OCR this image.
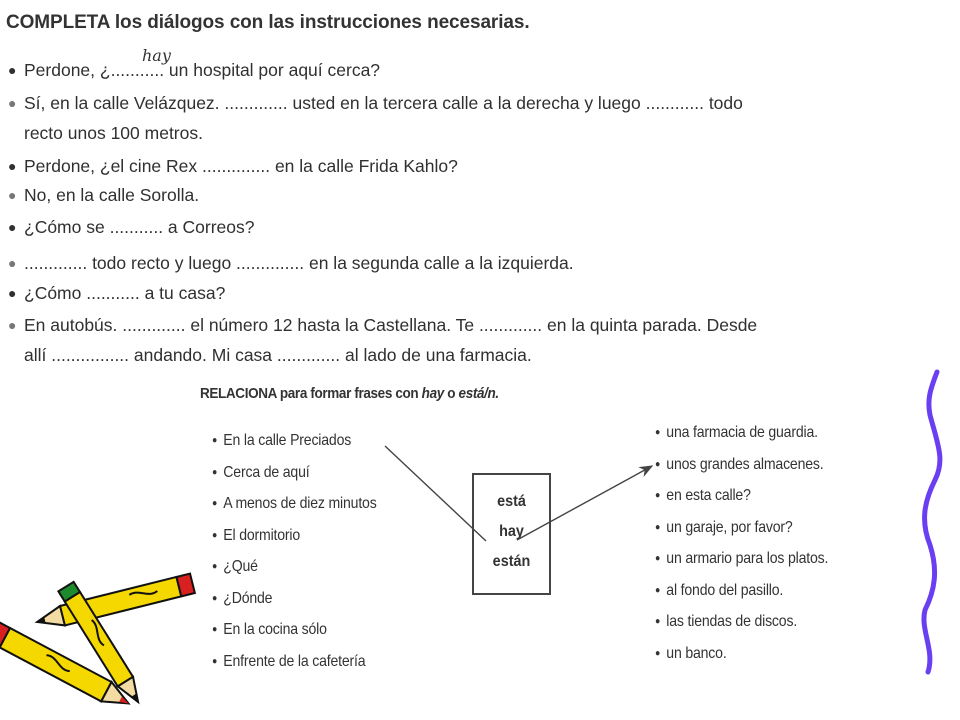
COMPLETA los diálogos con las instrucciones necesarias.
●
hay
Perdone, ¿........... un hospital por aquí cerca?
● Sí, en la calle Velázquez. ............. usted en la tercera calle a la derecha y luego ............ todo
recto unos 100 metros.
● Perdone, ¿el cine Rex .............. en la calle Frida Kahlo?
● No, en la calle Sorolla.
● ¿Cómo se ........... a Correos?
● ............. todo recto y luego .............. en la segunda calle a la izquierda.
● ¿Cómo ........... a tu casa?
● En autobús. ............. el número 12 hasta la Castellana. Te ............. en la quinta parada. Desde
allí ................ andando. Mi casa ............. al lado de una farmacia.
RELACIONA para formar frases con hay o está/n.
● En la calle Preciados
● Cerca de aquí
● A menos de diez minutos
● El dormitorio
● ¿Qué
● ¿Dónde
● En la cocina sólo
● Enfrente de la cafetería
está
hay
están
● una farmacia de guardia.
● unos grandes almacenes.
● en esta calle?
● un garaje, por favor?
● un armario para los platos.
● al fondo del pasillo.
● las tiendas de discos.
● un banco.
